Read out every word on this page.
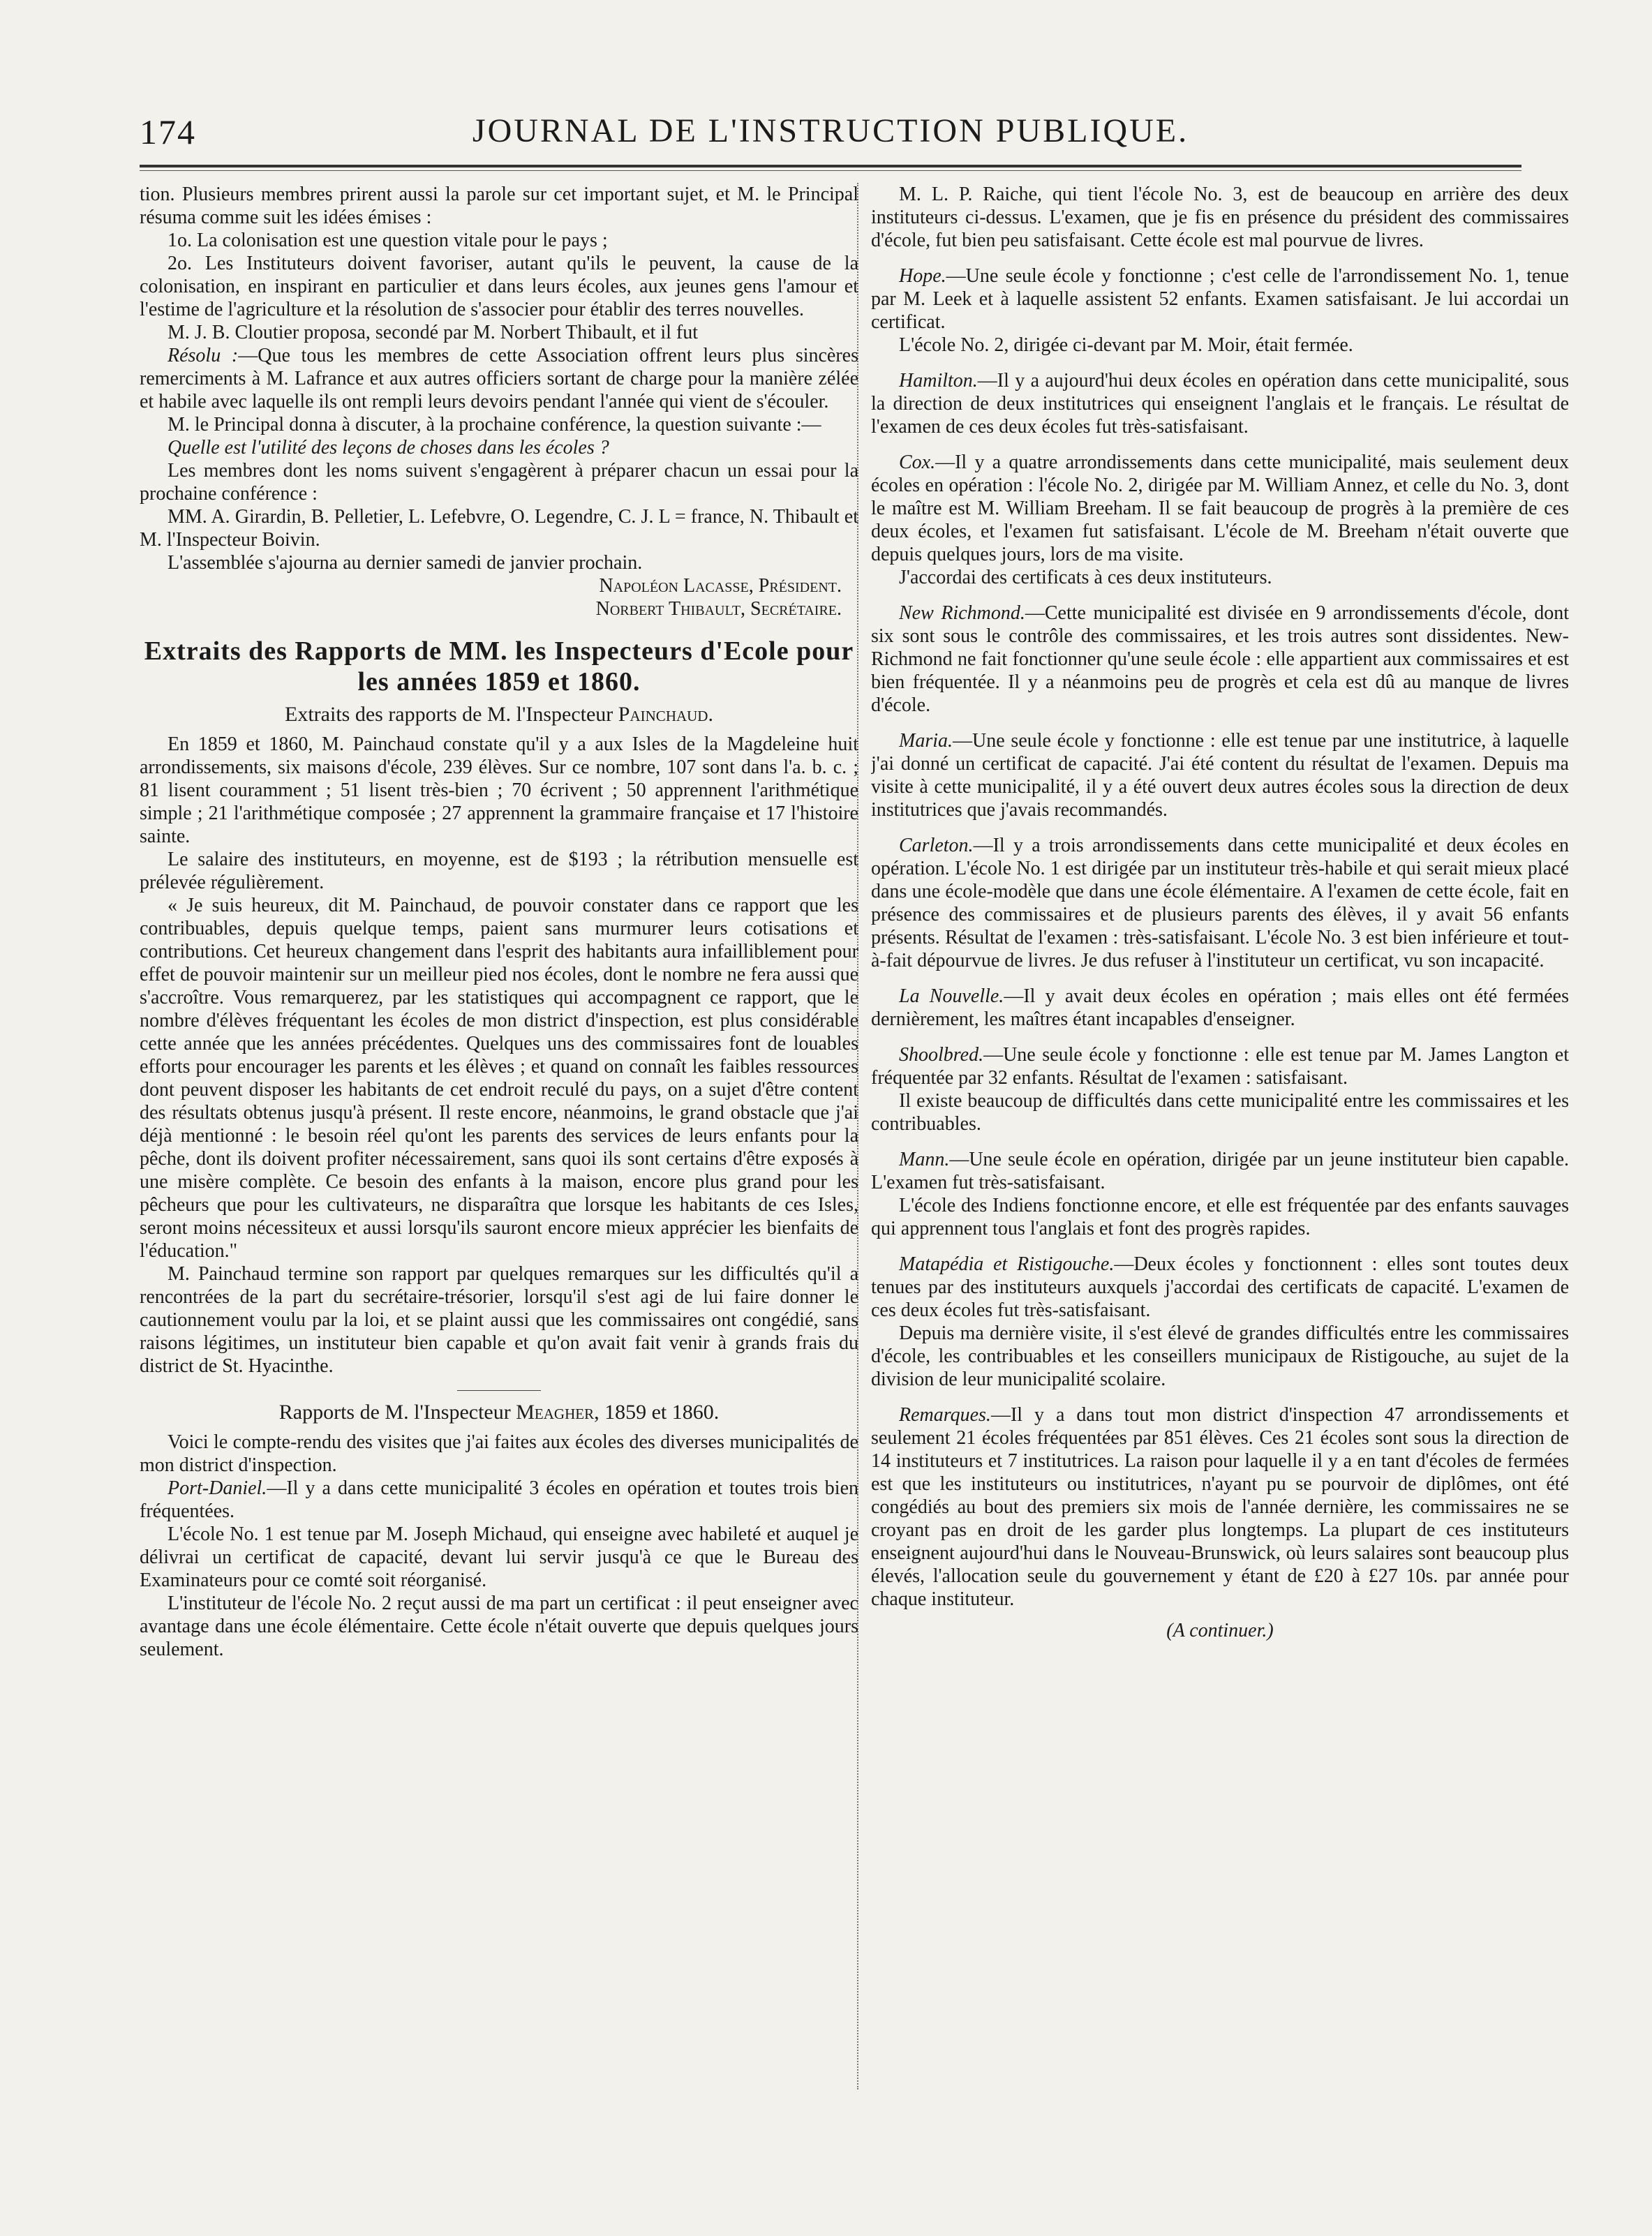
174	JOURNAL DE L'INSTRUCTION PUBLIQUE.

tion. Plusieurs membres prirent aussi la parole sur cet important sujet, et M. le Principal résuma comme suit les idées émises :

1o. La colonisation est une question vitale pour le pays ;

2o. Les Instituteurs doivent favoriser, autant qu'ils le peuvent, la cause de la colonisation, en inspirant en particulier et dans leurs écoles, aux jeunes gens l'amour et l'estime de l'agriculture et la résolution de s'associer pour établir des terres nouvelles.

M. J. B. Cloutier proposa, secondé par M. Norbert Thibault, et il fut

Résolu :—Que tous les membres de cette Association offrent leurs plus sincères remerciments à M. Lafrance et aux autres officiers sortant de charge pour la manière zélée et habile avec laquelle ils ont rempli leurs devoirs pendant l'année qui vient de s'écouler.

M. le Principal donna à discuter, à la prochaine conférence, la question suivante :—

Quelle est l'utilité des leçons de choses dans les écoles ?

Les membres dont les noms suivent s'engagèrent à préparer chacun un essai pour la prochaine conférence :

MM. A. Girardin, B. Pelletier, L. Lefebvre, O. Legendre, C. J. L = france, N. Thibault et M. l'Inspecteur Boivin.

L'assemblée s'ajourna au dernier samedi de janvier prochain.

Napoléon Lacasse, Président.

Norbert Thibault, Secrétaire.

Extraits des Rapports de MM. les Inspecteurs d'Ecole pour les années 1859 et 1860.
Extraits des rapports de M. l'Inspecteur Painchaud.

En 1859 et 1860, M. Painchaud constate qu'il y a aux Isles de la Magdeleine huit arrondissements, six maisons d'école, 239 élèves. Sur ce nombre, 107 sont dans l'a. b. c. ; 81 lisent couramment ; 51 lisent très-bien ; 70 écrivent ; 50 apprennent l'arithmétique simple ; 21 l'arithmétique composée ; 27 apprennent la grammaire française et 17 l'histoire sainte.

Le salaire des instituteurs, en moyenne, est de $193 ; la rétribution mensuelle est prélevée régulièrement.

« Je suis heureux, dit M. Painchaud, de pouvoir constater dans ce rapport que les contribuables, depuis quelque temps, paient sans murmurer leurs cotisations et contributions. Cet heureux changement dans l'esprit des habitants aura infailliblement pour effet de pouvoir maintenir sur un meilleur pied nos écoles, dont le nombre ne fera aussi que s'accroître. Vous remarquerez, par les statistiques qui accompagnent ce rapport, que le nombre d'élèves fréquentant les écoles de mon district d'inspection, est plus considérable cette année que les années précédentes. Quelques uns des commissaires font de louables efforts pour encourager les parents et les élèves ; et quand on connaît les faibles ressources dont peuvent disposer les habitants de cet endroit reculé du pays, on a sujet d'être content des résultats obtenus jusqu'à présent. Il reste encore, néanmoins, le grand obstacle que j'ai déjà mentionné : le besoin réel qu'ont les parents des services de leurs enfants pour la pêche, dont ils doivent profiter nécessairement, sans quoi ils sont certains d'être exposés à une misère complète. Ce besoin des enfants à la maison, encore plus grand pour les pêcheurs que pour les cultivateurs, ne disparaîtra que lorsque les habitants de ces Isles, seront moins nécessiteux et aussi lorsqu'ils sauront encore mieux apprécier les bienfaits de l'éducation."

M. Painchaud termine son rapport par quelques remarques sur les difficultés qu'il a rencontrées de la part du secrétaire-trésorier, lorsqu'il s'est agi de lui faire donner le cautionnement voulu par la loi, et se plaint aussi que les commissaires ont congédié, sans raisons légitimes, un instituteur bien capable et qu'on avait fait venir à grands frais du district de St. Hyacinthe.

Rapports de M. l'Inspecteur Meagher, 1859 et 1860.

Voici le compte-rendu des visites que j'ai faites aux écoles des diverses municipalités de mon district d'inspection.

Port-Daniel.—Il y a dans cette municipalité 3 écoles en opération et toutes trois bien fréquentées.

L'école No. 1 est tenue par M. Joseph Michaud, qui enseigne avec habileté et auquel je délivrai un certificat de capacité, devant lui servir jusqu'à ce que le Bureau des Examinateurs pour ce comté soit réorganisé.

L'instituteur de l'école No. 2 reçut aussi de ma part un certificat : il peut enseigner avec avantage dans une école élémentaire. Cette école n'était ouverte que depuis quelques jours seulement.

M. L. P. Raiche, qui tient l'école No. 3, est de beaucoup en arrière des deux instituteurs ci-dessus. L'examen, que je fis en présence du président des commissaires d'école, fut bien peu satisfaisant. Cette école est mal pourvue de livres.

Hope.—Une seule école y fonctionne ; c'est celle de l'arrondissement No. 1, tenue par M. Leek et à laquelle assistent 52 enfants. Examen satisfaisant. Je lui accordai un certificat.

L'école No. 2, dirigée ci-devant par M. Moir, était fermée.

Hamilton.—Il y a aujourd'hui deux écoles en opération dans cette municipalité, sous la direction de deux institutrices qui enseignent l'anglais et le français. Le résultat de l'examen de ces deux écoles fut très-satisfaisant.

Cox.—Il y a quatre arrondissements dans cette municipalité, mais seulement deux écoles en opération : l'école No. 2, dirigée par M. William Annez, et celle du No. 3, dont le maître est M. William Breeham. Il se fait beaucoup de progrès à la première de ces deux écoles, et l'examen fut satisfaisant. L'école de M. Breeham n'était ouverte que depuis quelques jours, lors de ma visite.

J'accordai des certificats à ces deux instituteurs.

New Richmond.—Cette municipalité est divisée en 9 arrondissements d'école, dont six sont sous le contrôle des commissaires, et les trois autres sont dissidentes. New-Richmond ne fait fonctionner qu'une seule école : elle appartient aux commissaires et est bien fréquentée. Il y a néanmoins peu de progrès et cela est dû au manque de livres d'école.

Maria.—Une seule école y fonctionne : elle est tenue par une institutrice, à laquelle j'ai donné un certificat de capacité. J'ai été content du résultat de l'examen. Depuis ma visite à cette municipalité, il y a été ouvert deux autres écoles sous la direction de deux institutrices que j'avais recommandés.

Carleton.—Il y a trois arrondissements dans cette municipalité et deux écoles en opération. L'école No. 1 est dirigée par un instituteur très-habile et qui serait mieux placé dans une école-modèle que dans une école élémentaire. A l'examen de cette école, fait en présence des commissaires et de plusieurs parents des élèves, il y avait 56 enfants présents. Résultat de l'examen : très-satisfaisant. L'école No. 3 est bien inférieure et tout-à-fait dépourvue de livres. Je dus refuser à l'instituteur un certificat, vu son incapacité.

La Nouvelle.—Il y avait deux écoles en opération ; mais elles ont été fermées dernièrement, les maîtres étant incapables d'enseigner.

Shoolbred.—Une seule école y fonctionne : elle est tenue par M. James Langton et fréquentée par 32 enfants. Résultat de l'examen : satisfaisant.

Il existe beaucoup de difficultés dans cette municipalité entre les commissaires et les contribuables.

Mann.—Une seule école en opération, dirigée par un jeune instituteur bien capable. L'examen fut très-satisfaisant.

L'école des Indiens fonctionne encore, et elle est fréquentée par des enfants sauvages qui apprennent tous l'anglais et font des progrès rapides.

Matapédia et Ristigouche.—Deux écoles y fonctionnent : elles sont toutes deux tenues par des instituteurs auxquels j'accordai des certificats de capacité. L'examen de ces deux écoles fut très-satisfaisant.

Depuis ma dernière visite, il s'est élevé de grandes difficultés entre les commissaires d'école, les contribuables et les conseillers municipaux de Ristigouche, au sujet de la division de leur municipalité scolaire.

Remarques.—Il y a dans tout mon district d'inspection 47 arrondissements et seulement 21 écoles fréquentées par 851 élèves. Ces 21 écoles sont sous la direction de 14 instituteurs et 7 institutrices. La raison pour laquelle il y a en tant d'écoles de fermées est que les instituteurs ou institutrices, n'ayant pu se pourvoir de diplômes, ont été congédiés au bout des premiers six mois de l'année dernière, les commissaires ne se croyant pas en droit de les garder plus longtemps. La plupart de ces instituteurs enseignent aujourd'hui dans le Nouveau-Brunswick, où leurs salaires sont beaucoup plus élevés, l'allocation seule du gouvernement y étant de £20 à £27 10s. par année pour chaque instituteur.

(A continuer.)
